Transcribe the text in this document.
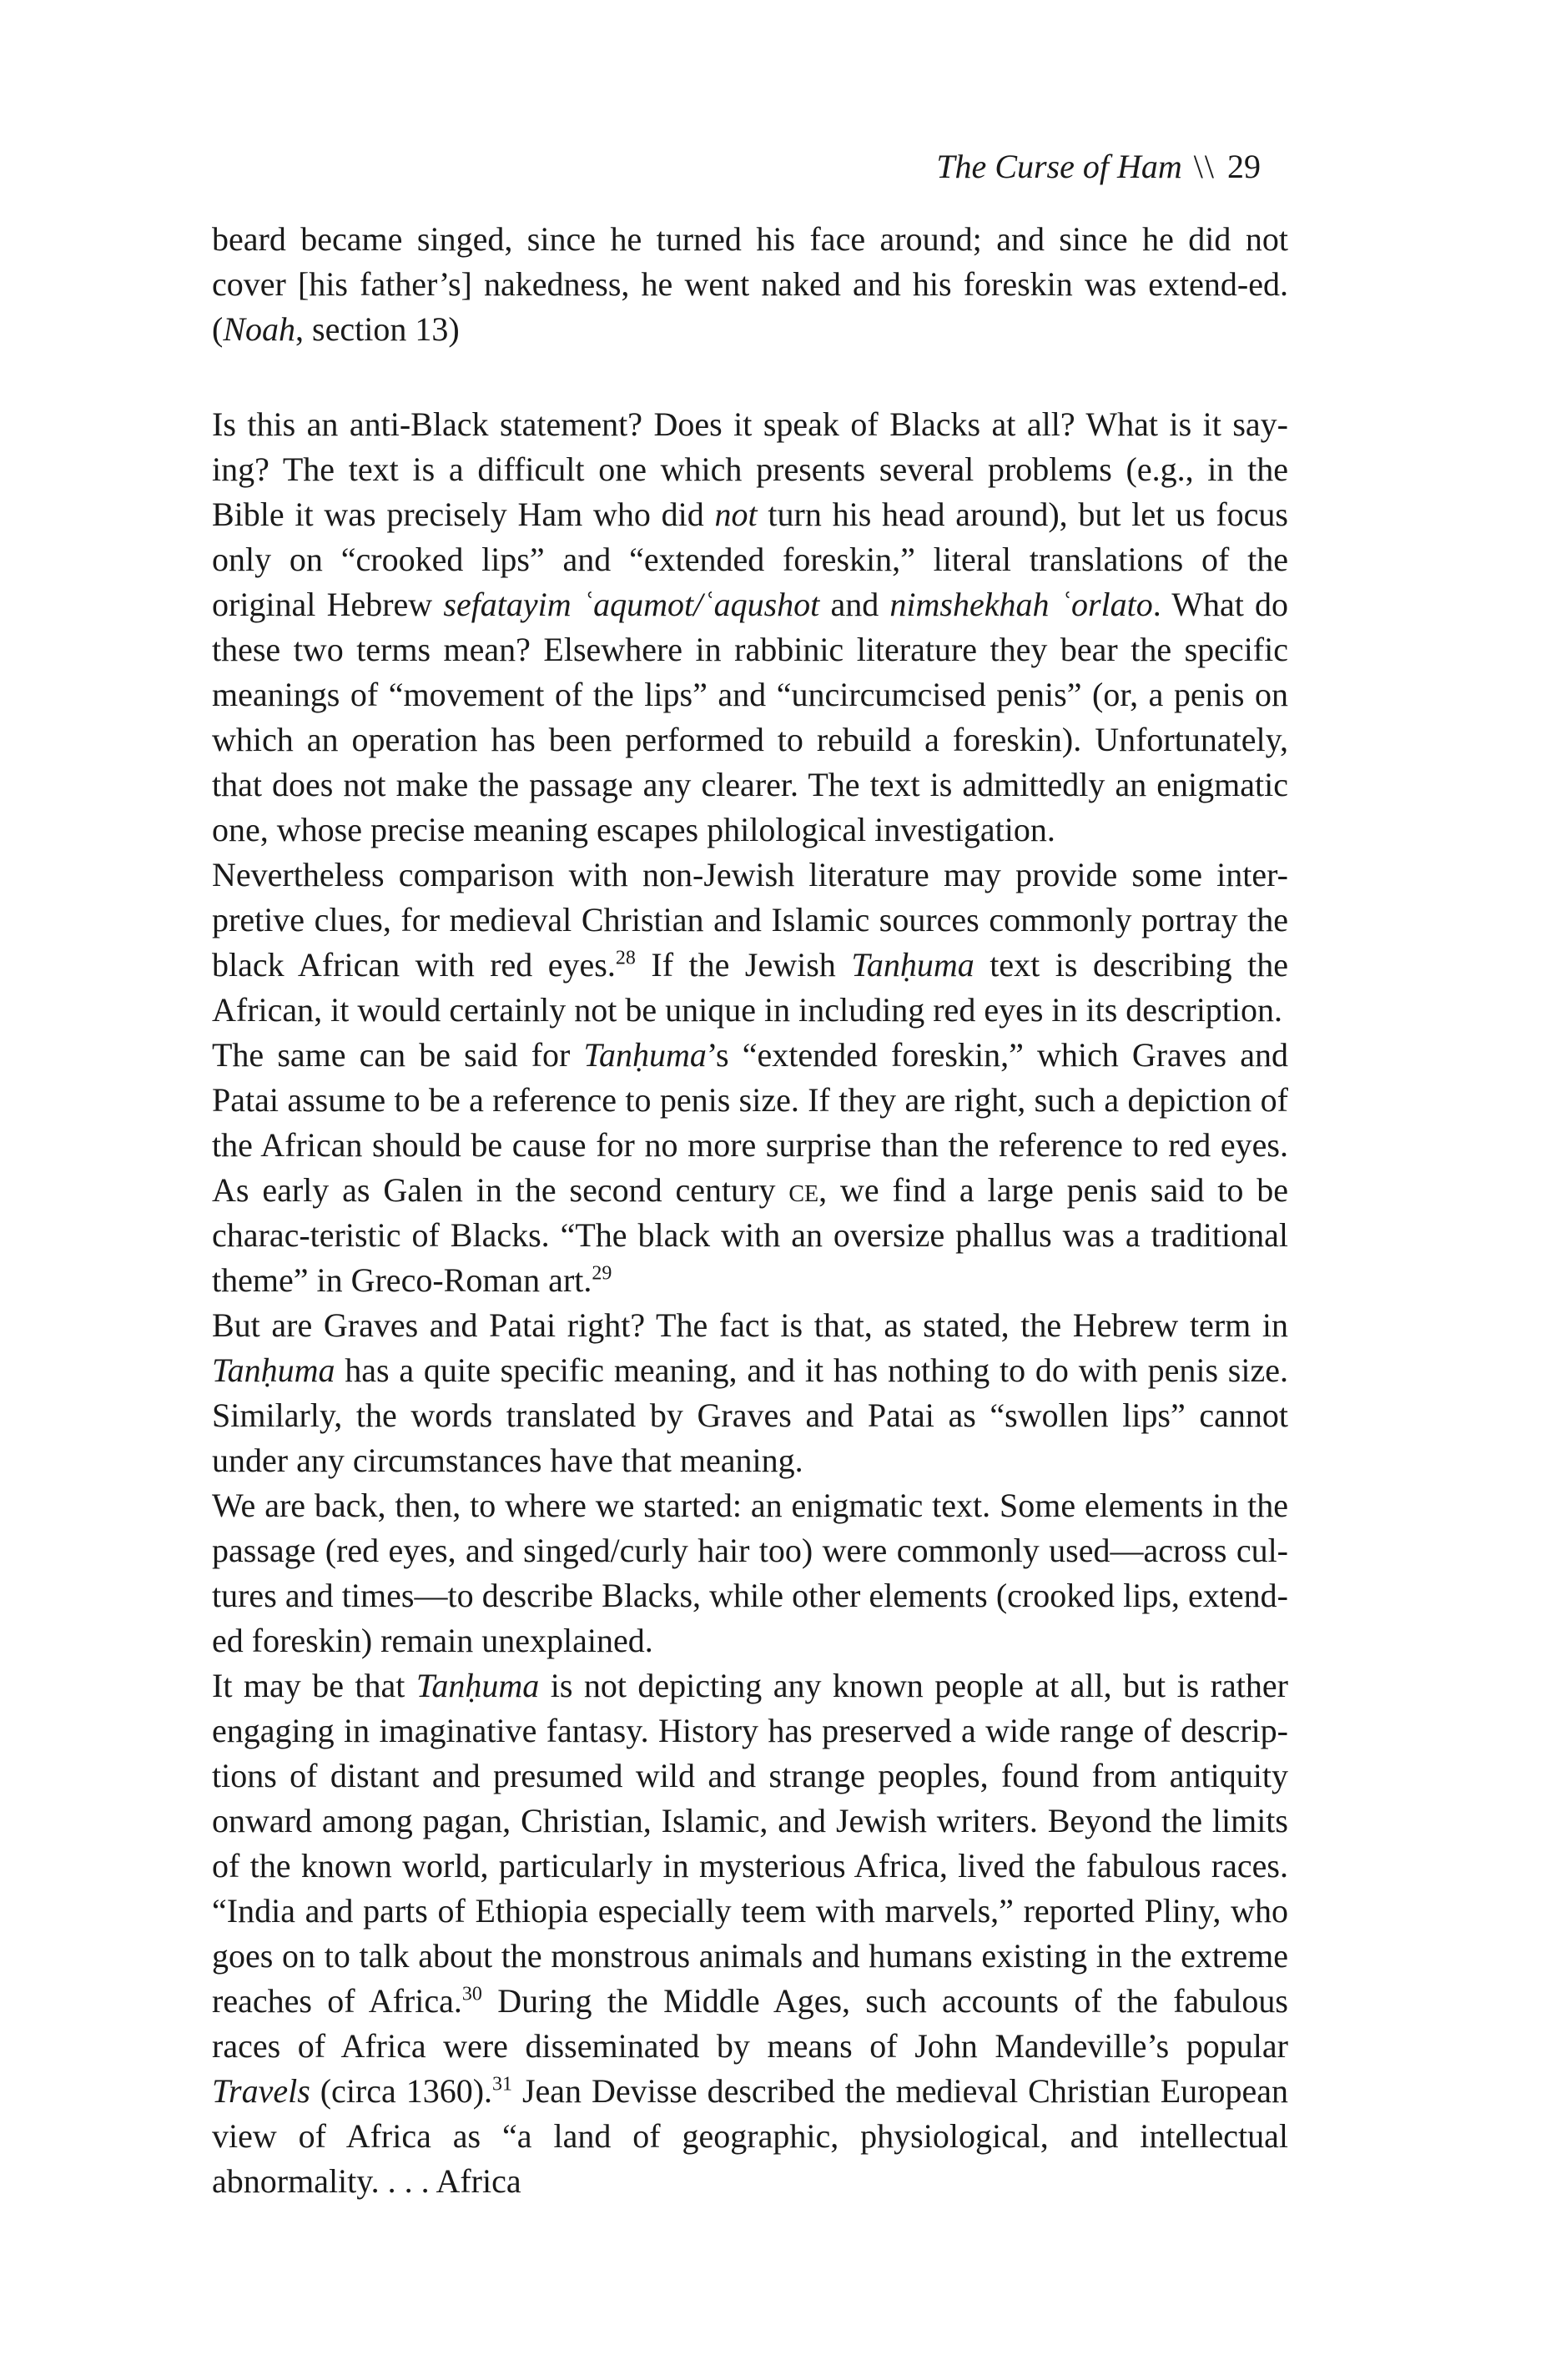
The Curse of Ham \\ 29

beard became singed, since he turned his face around; and since he did not cover [his father’s] nakedness, he went naked and his foreskin was extend-ed. (Noah, section 13)

Is this an anti-Black statement? Does it speak of Blacks at all? What is it say-ing? The text is a difficult one which presents several problems (e.g., in the Bible it was precisely Ham who did not turn his head around), but let us focus only on “crooked lips” and “extended foreskin,” literal translations of the original Hebrew sefatayim ʿaqumot/ʿaqushot and nimshekhah ʿorlato. What do these two terms mean? Elsewhere in rabbinic literature they bear the specific meanings of “movement of the lips” and “uncircumcised penis” (or, a penis on which an operation has been performed to rebuild a foreskin). Unfortunately, that does not make the passage any clearer. The text is admittedly an enigmatic one, whose precise meaning escapes philological investigation.

Nevertheless comparison with non-Jewish literature may provide some inter-pretive clues, for medieval Christian and Islamic sources commonly portray the black African with red eyes.$^{28}$ If the Jewish Tanḥuma text is describing the African, it would certainly not be unique in including red eyes in its description.

The same can be said for Tanḥuma’s “extended foreskin,” which Graves and Patai assume to be a reference to penis size. If they are right, such a depiction of the African should be cause for no more surprise than the reference to red eyes. As early as Galen in the second century ce, we find a large penis said to be charac-teristic of Blacks. “The black with an oversize phallus was a traditional theme” in Greco-Roman art.$^{29}$

But are Graves and Patai right? The fact is that, as stated, the Hebrew term in Tanḥuma has a quite specific meaning, and it has nothing to do with penis size. Similarly, the words translated by Graves and Patai as “swollen lips” cannot under any circumstances have that meaning.

We are back, then, to where we started: an enigmatic text. Some elements in the passage (red eyes, and singed/curly hair too) were commonly used—across cul-tures and times—to describe Blacks, while other elements (crooked lips, extend-ed foreskin) remain unexplained.

It may be that Tanḥuma is not depicting any known people at all, but is rather engaging in imaginative fantasy. History has preserved a wide range of descrip-tions of distant and presumed wild and strange peoples, found from antiquity onward among pagan, Christian, Islamic, and Jewish writers. Beyond the limits of the known world, particularly in mysterious Africa, lived the fabulous races. “India and parts of Ethiopia especially teem with marvels,” reported Pliny, who goes on to talk about the monstrous animals and humans existing in the extreme reaches of Africa.$^{30}$ During the Middle Ages, such accounts of the fabulous races of Africa were disseminated by means of John Mandeville’s popular Travels (circa 1360).$^{31}$ Jean Devisse described the medieval Christian European view of Africa as “a land of geographic, physiological, and intellectual abnormality. . . . Africa
